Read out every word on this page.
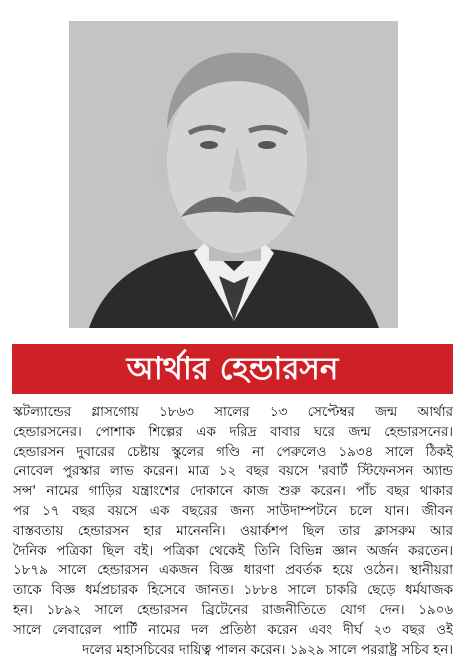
আর্থার হেন্ডারসন
স্কটল্যান্ডের গ্লাসগোয় ১৮৬৩ সালের ১৩ সেপ্টেম্বর জন্ম আর্থার
হেন্ডারসনের। পোশাক শিল্পের এক দরিদ্র বাবার ঘরে জন্ম হেন্ডারসনের।
হেন্ডারসন দুবারের চেষ্টায় স্কুলের গণ্ডি না পেরুলেও ১৯৩৪ সালে ঠিকই
নোবেল পুরস্কার লাভ করেন। মাত্র ১২ বছর বয়সে 'রবার্ট স্টিফেনসন অ্যান্ড
সন্স' নামের গাড়ির যন্ত্রাংশের দোকানে কাজ শুরু করেন। পাঁচ বছর থাকার
পর ১৭ বছর বয়সে এক বছরের জন্য সাউদাম্পটনে চলে যান। জীবন
বাস্তবতায় হেন্ডারসন হার মানেননি। ওয়ার্কশপ ছিল তার ক্লাসরুম আর
দৈনিক পত্রিকা ছিল বই। পত্রিকা থেকেই তিনি বিভিন্ন জ্ঞান অর্জন করতেন।
১৮৭৯ সালে হেন্ডারসন একজন বিজ্ঞ ধারণা প্রবর্তক হয়ে ওঠেন। স্থানীয়রা
তাকে বিজ্ঞ ধর্মপ্রচারক হিসেবে জানত। ১৮৮৪ সালে চাকরি ছেড়ে ধর্মযাজক
হন। ১৮৯২ সালে হেন্ডারসন ব্রিটেনের রাজনীতিতে যোগ দেন। ১৯০৬
সালে লেবারেল পার্টি নামের দল প্রতিষ্ঠা করেন এবং দীর্ঘ ২৩ বছর ওই
দলের মহাসচিবের দায়িত্ব পালন করেন। ১৯২৯ সালে পররাষ্ট্র সচিব হন।
